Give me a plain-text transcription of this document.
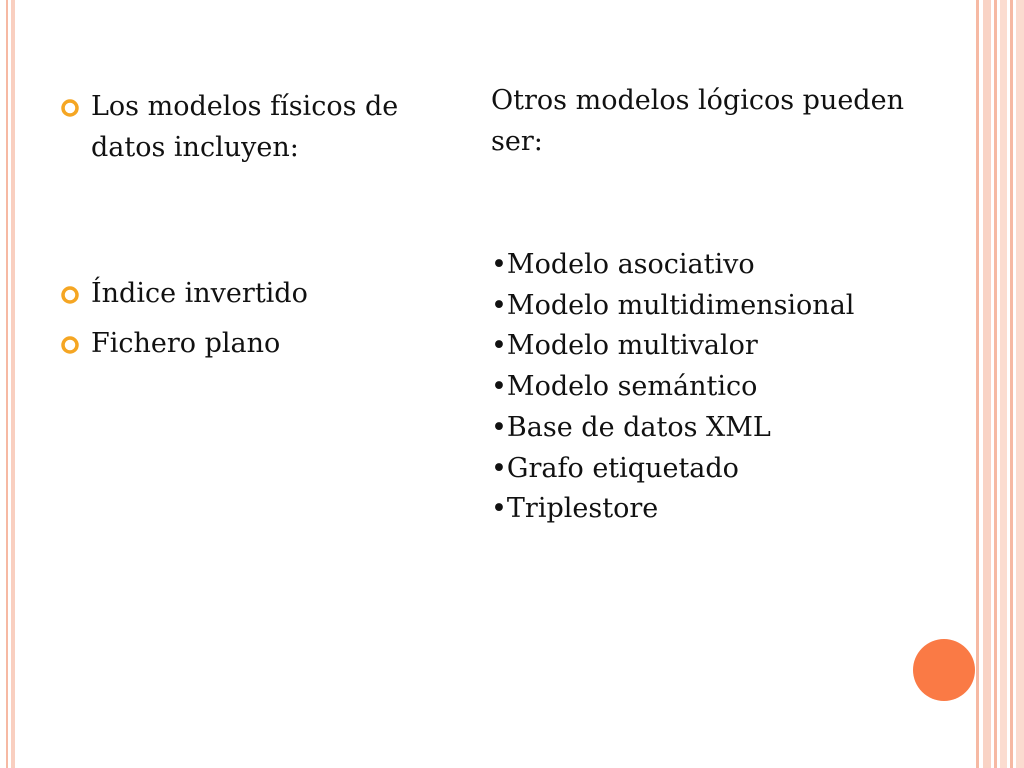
Los modelos físicos de datos incluyen:
Índice invertido
Fichero plano
Otros modelos lógicos pueden ser:
•Modelo asociativo
•Modelo multidimensional
•Modelo multivalor
•Modelo semántico
•Base de datos XML
•Grafo etiquetado
•Triplestore
